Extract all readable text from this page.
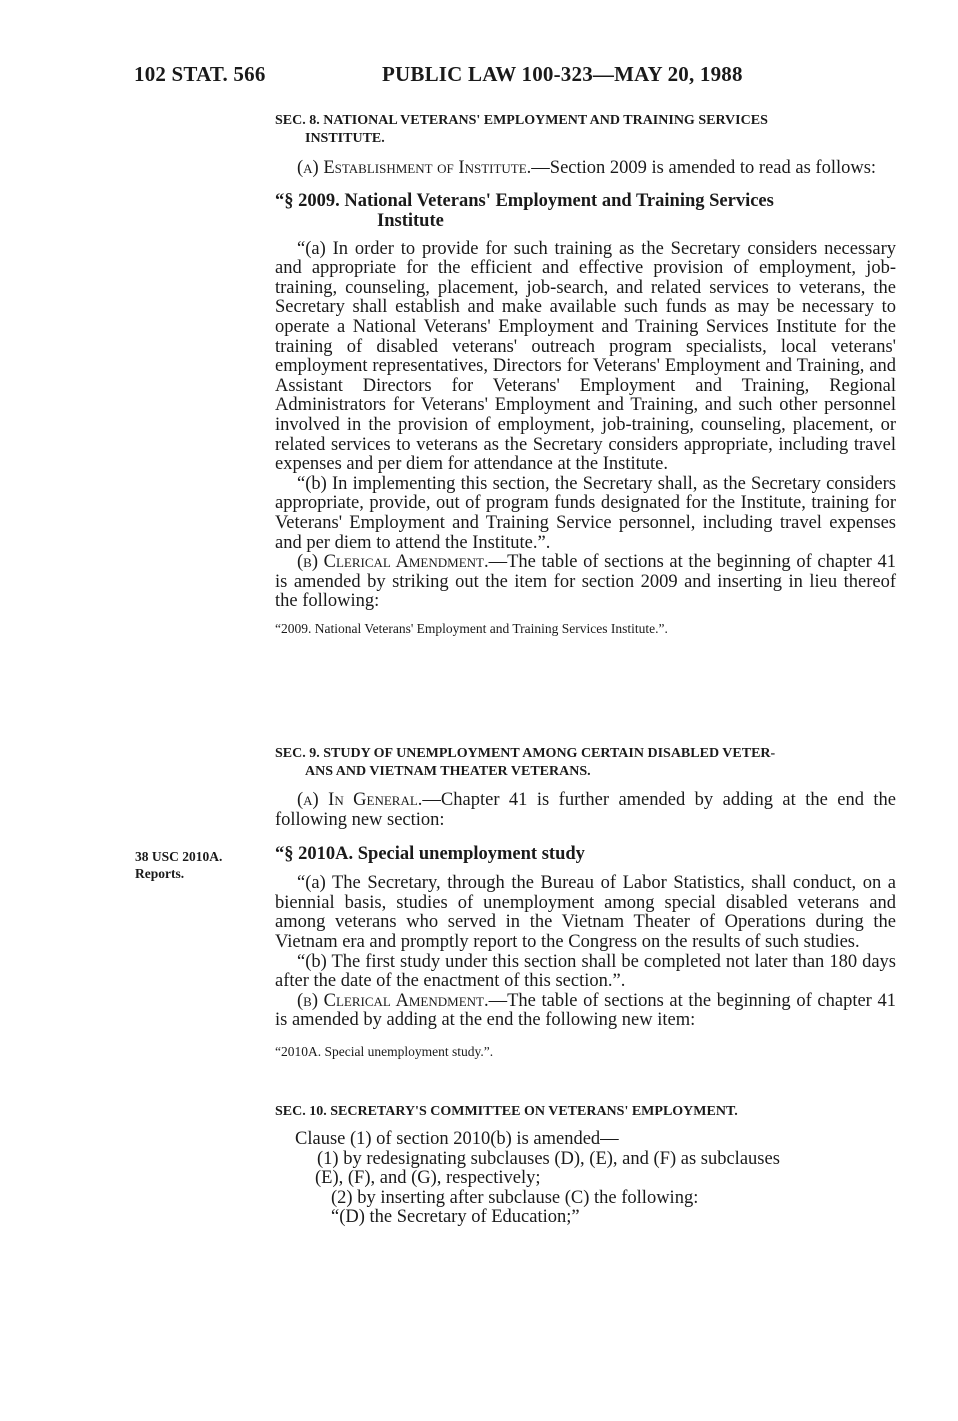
102 STAT. 566	PUBLIC LAW 100-323—MAY 20, 1988
38 USC 2010A.
Reports.
SEC. 8. NATIONAL VETERANS' EMPLOYMENT AND TRAINING SERVICES
INSTITUTE.

(a) Establishment of Institute.—Section 2009 is amended to read as follows:

“§ 2009. National Veterans' Employment and Training Services
Institute

“(a) In order to provide for such training as the Secretary considers necessary and appropriate for the efficient and effective provision of employment, job-training, counseling, placement, job-search, and related services to veterans, the Secretary shall establish and make available such funds as may be necessary to operate a National Veterans' Employment and Training Services Institute for the training of disabled veterans' outreach program specialists, local veterans' employment representatives, Directors for Veterans' Employment and Training, and Assistant Directors for Veterans' Employment and Training, Regional Administrators for Veterans' Employment and Training, and such other personnel involved in the provision of employment, job-training, counseling, placement, or related services to veterans as the Secretary considers appropriate, including travel expenses and per diem for attendance at the Institute.

“(b) In implementing this section, the Secretary shall, as the Secretary considers appropriate, provide, out of program funds designated for the Institute, training for Veterans' Employment and Training Service personnel, including travel expenses and per diem to attend the Institute.”.

(b) Clerical Amendment.—The table of sections at the beginning of chapter 41 is amended by striking out the item for section 2009 and inserting in lieu thereof the following:

“2009. National Veterans' Employment and Training Services Institute.”.
SEC. 9. STUDY OF UNEMPLOYMENT AMONG CERTAIN DISABLED VETER-
ANS AND VIETNAM THEATER VETERANS.

(a) In General.—Chapter 41 is further amended by adding at the end the following new section:

“§ 2010A. Special unemployment study

“(a) The Secretary, through the Bureau of Labor Statistics, shall conduct, on a biennial basis, studies of unemployment among special disabled veterans and among veterans who served in the Vietnam Theater of Operations during the Vietnam era and promptly report to the Congress on the results of such studies.

“(b) The first study under this section shall be completed not later than 180 days after the date of the enactment of this section.”.

(b) Clerical Amendment.—The table of sections at the beginning of chapter 41 is amended by adding at the end the following new item:

“2010A. Special unemployment study.”.
SEC. 10. SECRETARY'S COMMITTEE ON VETERANS' EMPLOYMENT.

Clause (1) of section 2010(b) is amended—

(1) by redesignating subclauses (D), (E), and (F) as subclauses
(E), (F), and (G), respectively;

(2) by inserting after subclause (C) the following:

“(D) the Secretary of Education;”
